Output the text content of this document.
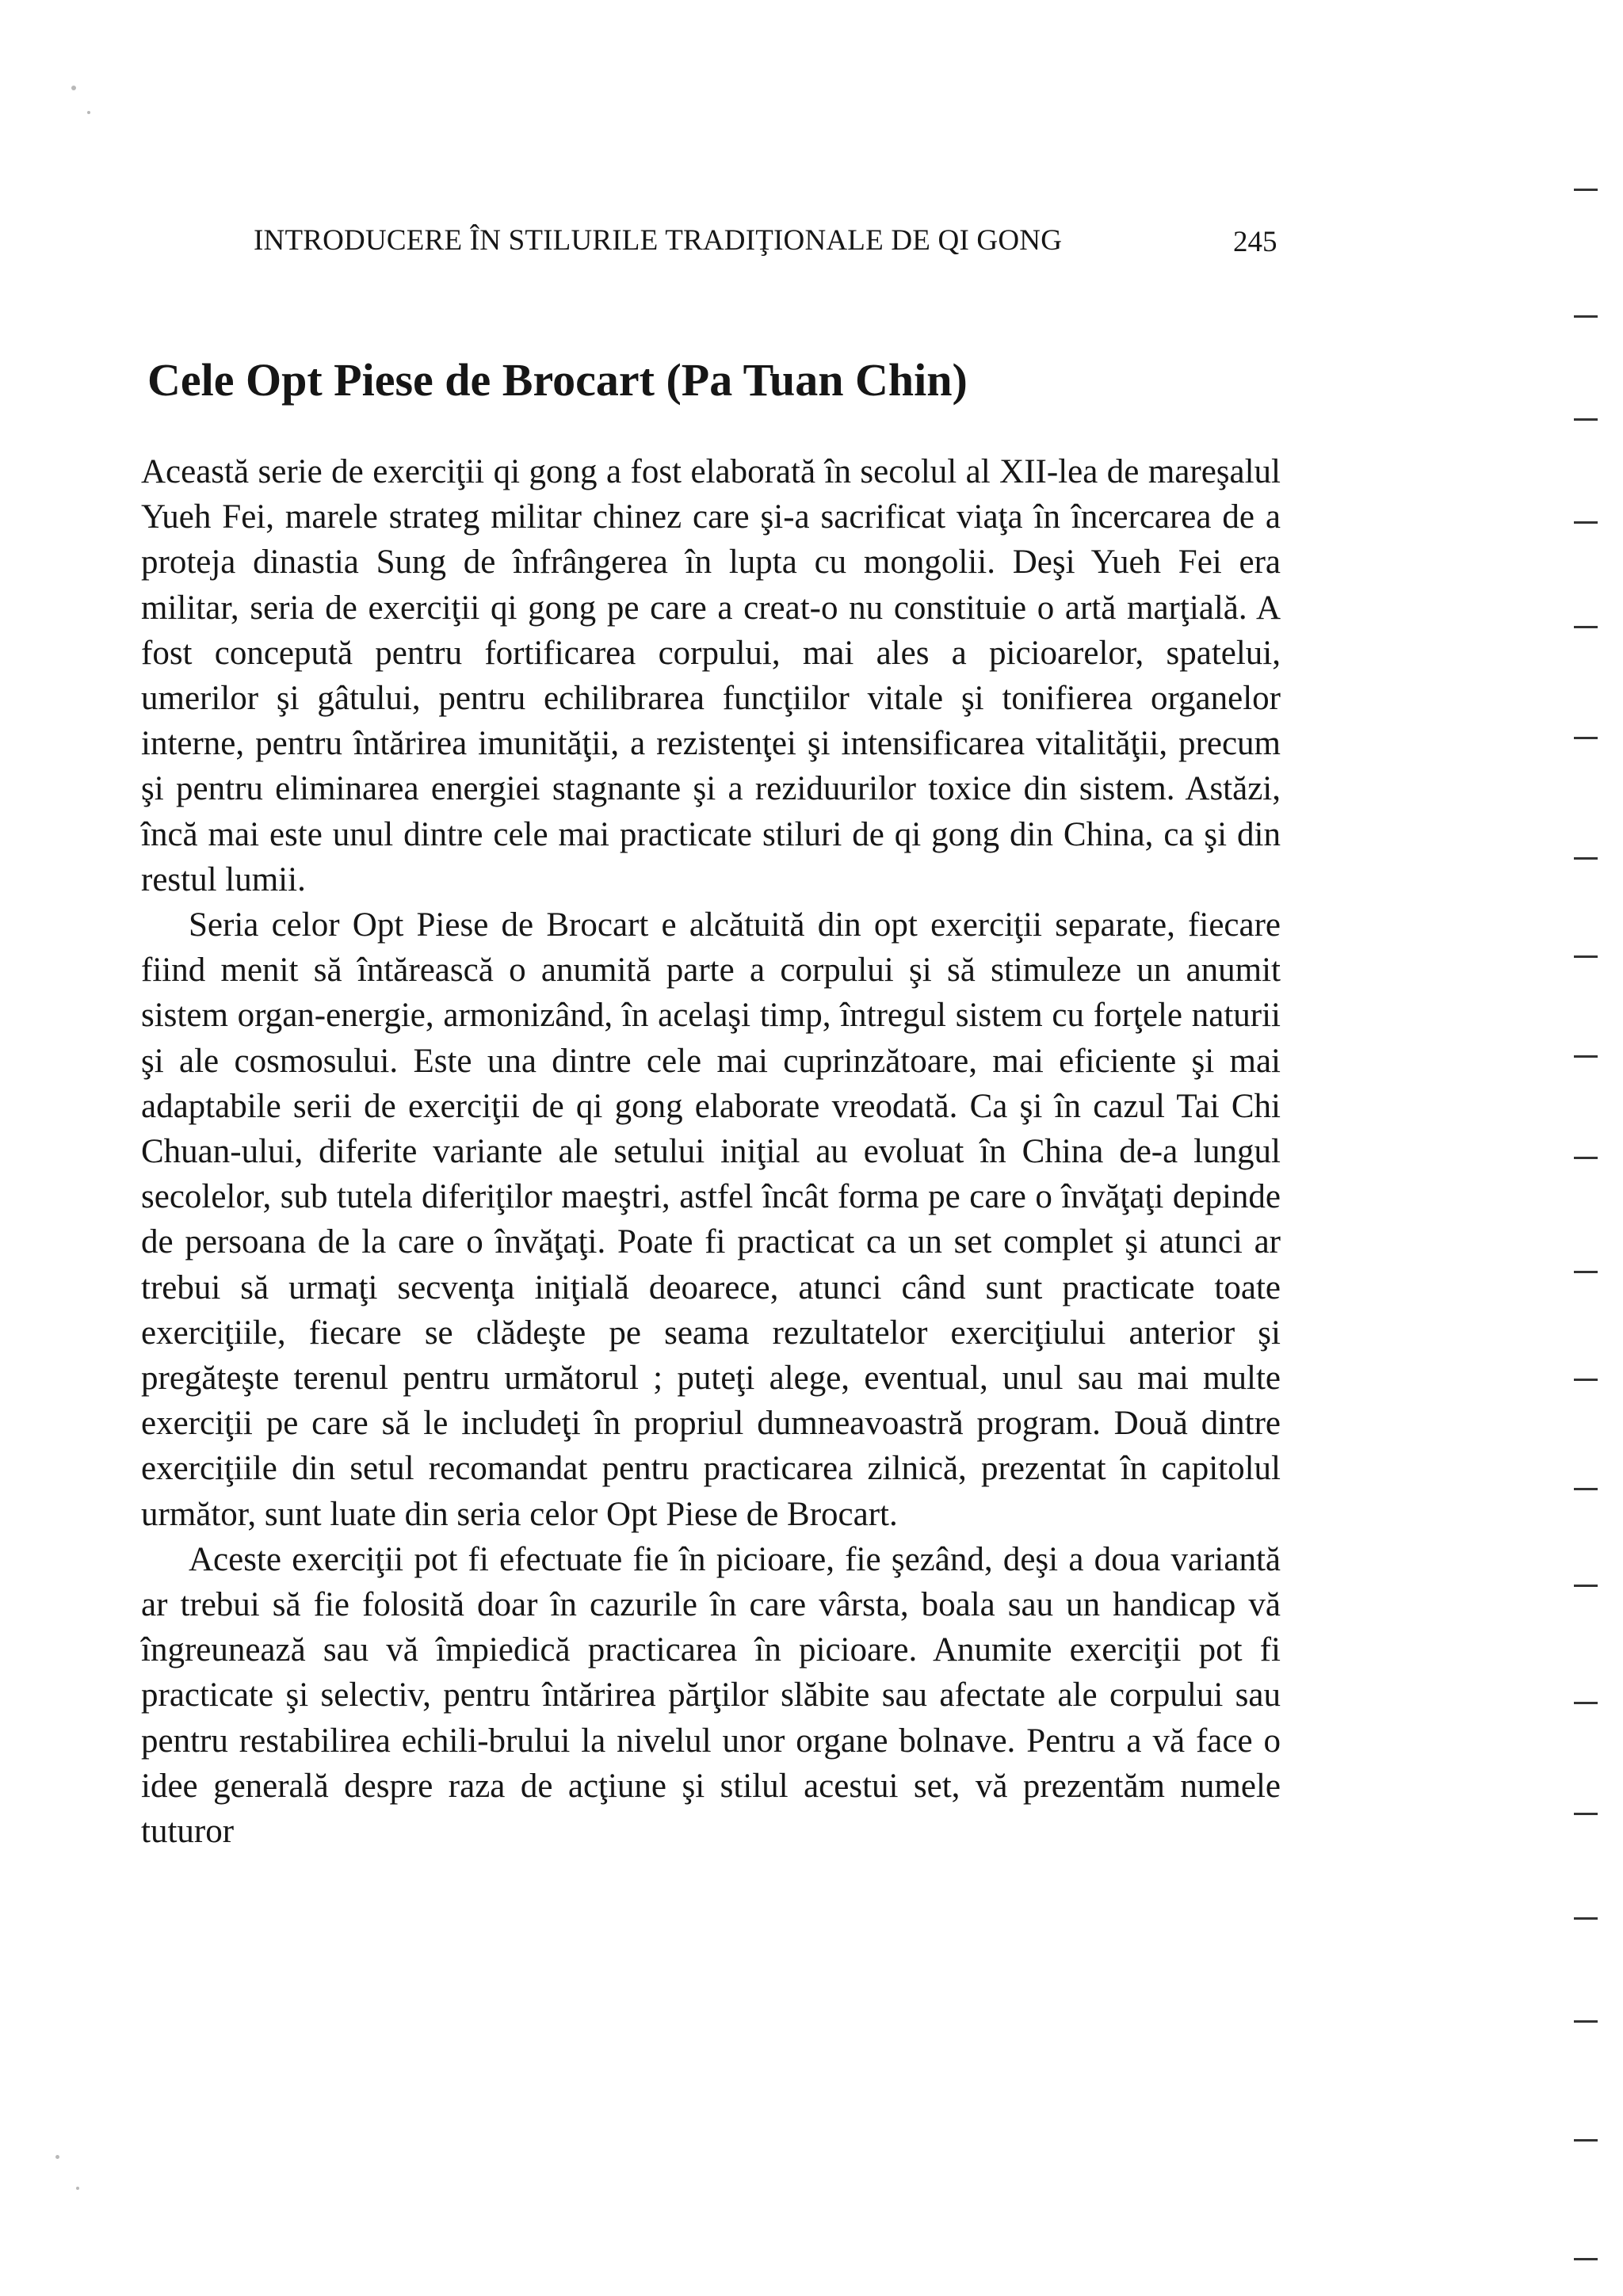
INTRODUCERE ÎN STILURILE TRADIŢIONALE DE QI GONG	245
Cele Opt Piese de Brocart (Pa Tuan Chin)

Această serie de exerciţii qi gong a fost elaborată în secolul al XII-lea de mareşalul Yueh Fei, marele strateg militar chinez care şi-a sacrificat viaţa în încercarea de a proteja dinastia Sung de înfrângerea în lupta cu mongolii. Deşi Yueh Fei era militar, seria de exerciţii qi gong pe care a creat-o nu constituie o artă marţială. A fost concepută pentru fortificarea corpului, mai ales a picioarelor, spatelui, umerilor şi gâtului, pentru echilibrarea funcţiilor vitale şi tonifierea organelor interne, pentru întărirea imunităţii, a rezistenţei şi intensificarea vitalităţii, precum şi pentru eliminarea energiei stagnante şi a reziduurilor toxice din sistem. Astăzi, încă mai este unul dintre cele mai practicate stiluri de qi gong din China, ca şi din restul lumii.

Seria celor Opt Piese de Brocart e alcătuită din opt exerciţii separate, fiecare fiind menit să întărească o anumită parte a corpului şi să stimuleze un anumit sistem organ-energie, armonizând, în acelaşi timp, întregul sistem cu forţele naturii şi ale cosmosului. Este una dintre cele mai cuprinzătoare, mai eficiente şi mai adaptabile serii de exerciţii de qi gong elaborate vreodată. Ca şi în cazul Tai Chi Chuan-ului, diferite variante ale setului iniţial au evoluat în China de-a lungul secolelor, sub tutela diferiţilor maeştri, astfel încât forma pe care o învăţaţi depinde de persoana de la care o învăţaţi. Poate fi practicat ca un set complet şi atunci ar trebui să urmaţi secvenţa iniţială deoarece, atunci când sunt practicate toate exerciţiile, fiecare se clădeşte pe seama rezultatelor exerciţiului anterior şi pregăteşte terenul pentru următorul ; puteţi alege, eventual, unul sau mai multe exerciţii pe care să le includeţi în propriul dumneavoastră program. Două dintre exerciţiile din setul recomandat pentru practicarea zilnică, prezentat în capitolul următor, sunt luate din seria celor Opt Piese de Brocart.

Aceste exerciţii pot fi efectuate fie în picioare, fie şezând, deşi a doua variantă ar trebui să fie folosită doar în cazurile în care vârsta, boala sau un handicap vă îngreunează sau vă împiedică practicarea în picioare. Anumite exerciţii pot fi practicate şi selectiv, pentru întărirea părţilor slăbite sau afectate ale corpului sau pentru restabilirea echili-brului la nivelul unor organe bolnave. Pentru a vă face o idee generală despre raza de acţiune şi stilul acestui set, vă prezentăm numele tuturor
